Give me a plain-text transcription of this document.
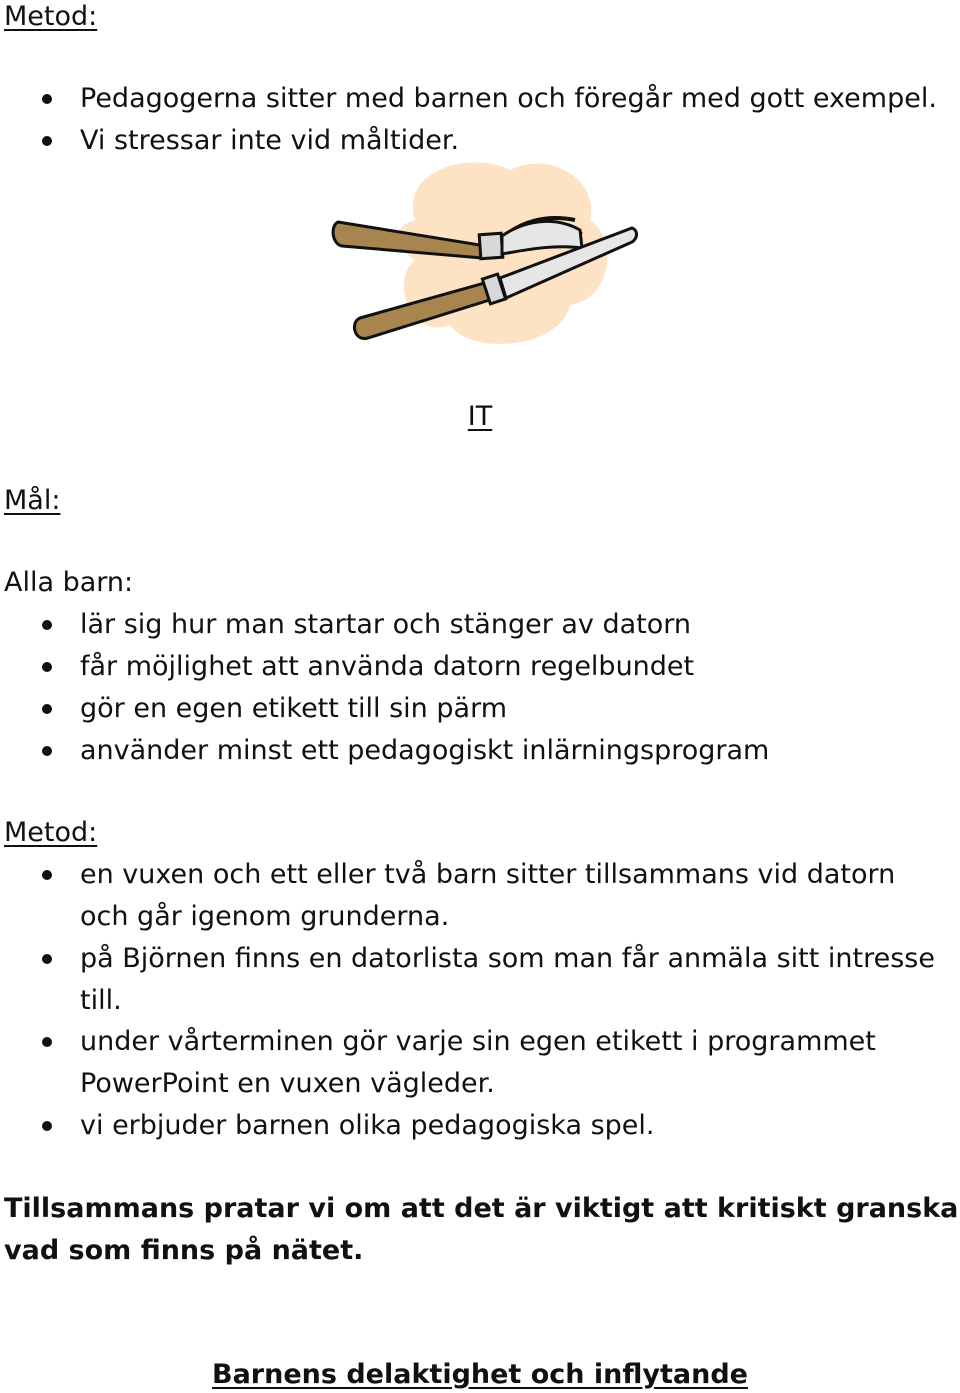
Metod:
Pedagogerna sitter med barnen och föregår med gott exempel.
Vi stressar inte vid måltider.
IT
Mål:
Alla barn:
lär sig hur man startar och stänger av datorn
får möjlighet att använda datorn regelbundet
gör en egen etikett till sin pärm
använder minst ett pedagogiskt inlärningsprogram
Metod:
en vuxen och ett eller två barn sitter tillsammans vid datorn
och går igenom grunderna.
på Björnen finns en datorlista som man får anmäla sitt intresse
till.
under vårterminen gör varje sin egen etikett i programmet
PowerPoint en vuxen vägleder.
vi erbjuder barnen olika pedagogiska spel.
Tillsammans pratar vi om att det är viktigt att kritiskt granska
vad som finns på nätet.
Barnens delaktighet och inflytande
